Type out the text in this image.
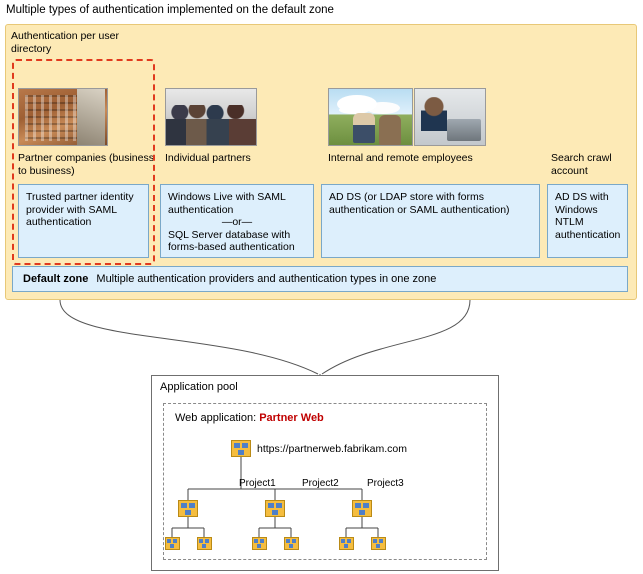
Multiple types of authentication implemented on the default zone
Authentication per user directory
Partner companies (business to business)
Individual partners	Internal and remote employees	Search crawl account
Trusted partner identity provider with SAML authentication
Windows Live with SAML authentication
—or—
SQL Server database with forms-based authentication
AD DS (or LDAP store with forms authentication or SAML authentication)
AD DS with Windows NTLM authentication
Default zone Multiple authentication providers and authentication types in one zone
Application pool
Web application: Partner Web
https://partnerweb.fabrikam.com
Project1	Project2	Project3
